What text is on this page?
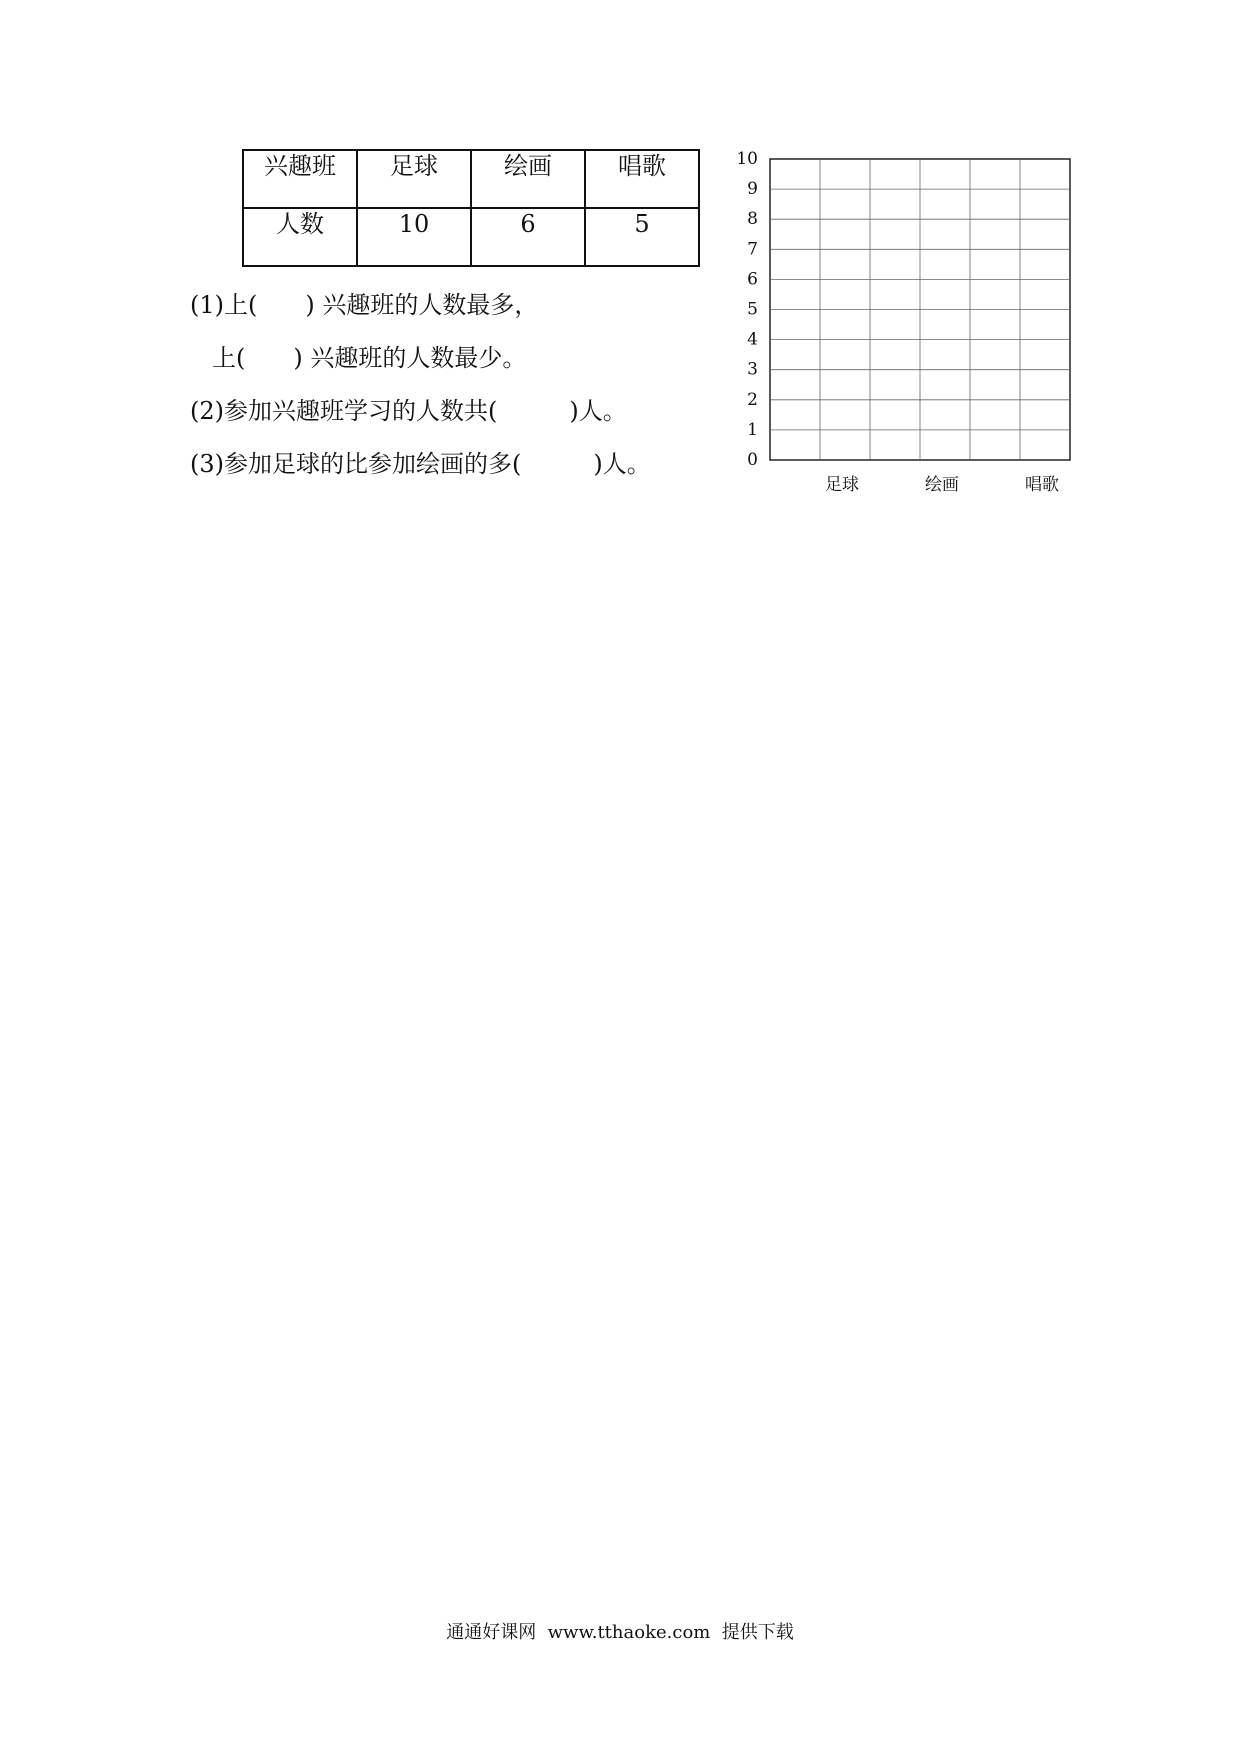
兴趣班	足球	绘画	唱歌
人数	10	6	5
(1)上(　　) 兴趣班的人数最多，
上(　　) 兴趣班的人数最少。
(2)参加兴趣班学习的人数共(　　　)人。
(3)参加足球的比参加绘画的多(　　　)人。	0
1
2
3
4
5
6
7
8
9
10
足球	绘画	唱歌
通通好课网  www.tthaoke.com  提供下载
